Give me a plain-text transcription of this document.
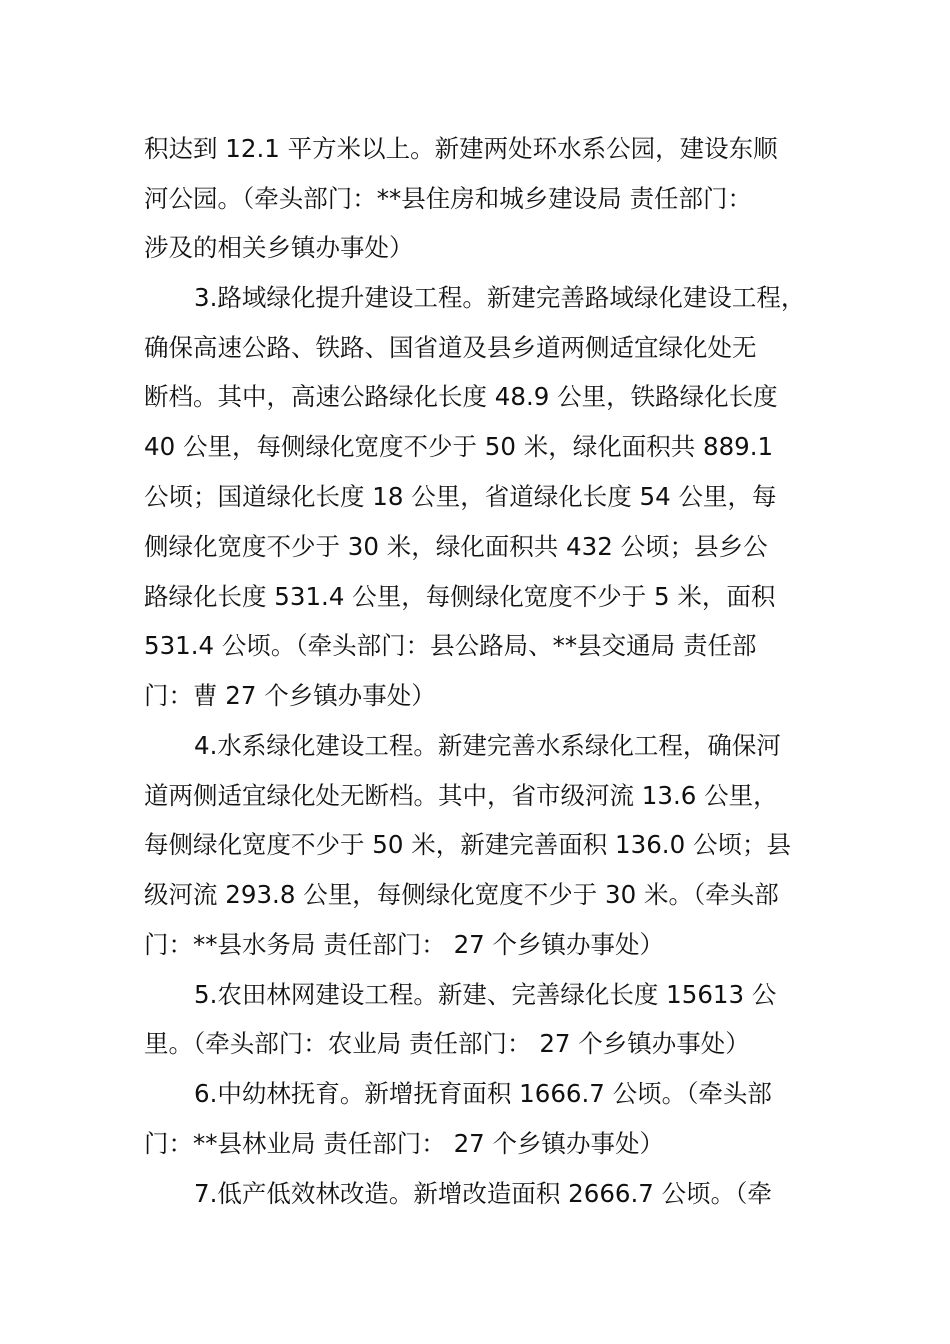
积达到 12.1 平方米以上。新建两处环水系公园，建设东顺
河公园。（牵头部门：**县住房和城乡建设局 责任部门：
涉及的相关乡镇办事处）
3.路域绿化提升建设工程。新建完善路域绿化建设工程，
确保高速公路、铁路、国省道及县乡道两侧适宜绿化处无
断档。其中，高速公路绿化长度 48.9 公里，铁路绿化长度
40 公里，每侧绿化宽度不少于 50 米，绿化面积共 889.1
公顷；国道绿化长度 18 公里，省道绿化长度 54 公里，每
侧绿化宽度不少于 30 米，绿化面积共 432 公顷；县乡公
路绿化长度 531.4 公里，每侧绿化宽度不少于 5 米，面积
531.4 公顷。（牵头部门：县公路局、**县交通局 责任部
门：曹 27 个乡镇办事处）
4.水系绿化建设工程。新建完善水系绿化工程，确保河
道两侧适宜绿化处无断档。其中，省市级河流 13.6 公里，
每侧绿化宽度不少于 50 米，新建完善面积 136.0 公顷；县
级河流 293.8 公里，每侧绿化宽度不少于 30 米。（牵头部
门：**县水务局 责任部门： 27 个乡镇办事处）
5.农田林网建设工程。新建、完善绿化长度 15613 公
里。（牵头部门：农业局 责任部门： 27 个乡镇办事处）
6.中幼林抚育。新增抚育面积 1666.7 公顷。（牵头部
门：**县林业局 责任部门： 27 个乡镇办事处）
7.低产低效林改造。新增改造面积 2666.7 公顷。（牵
